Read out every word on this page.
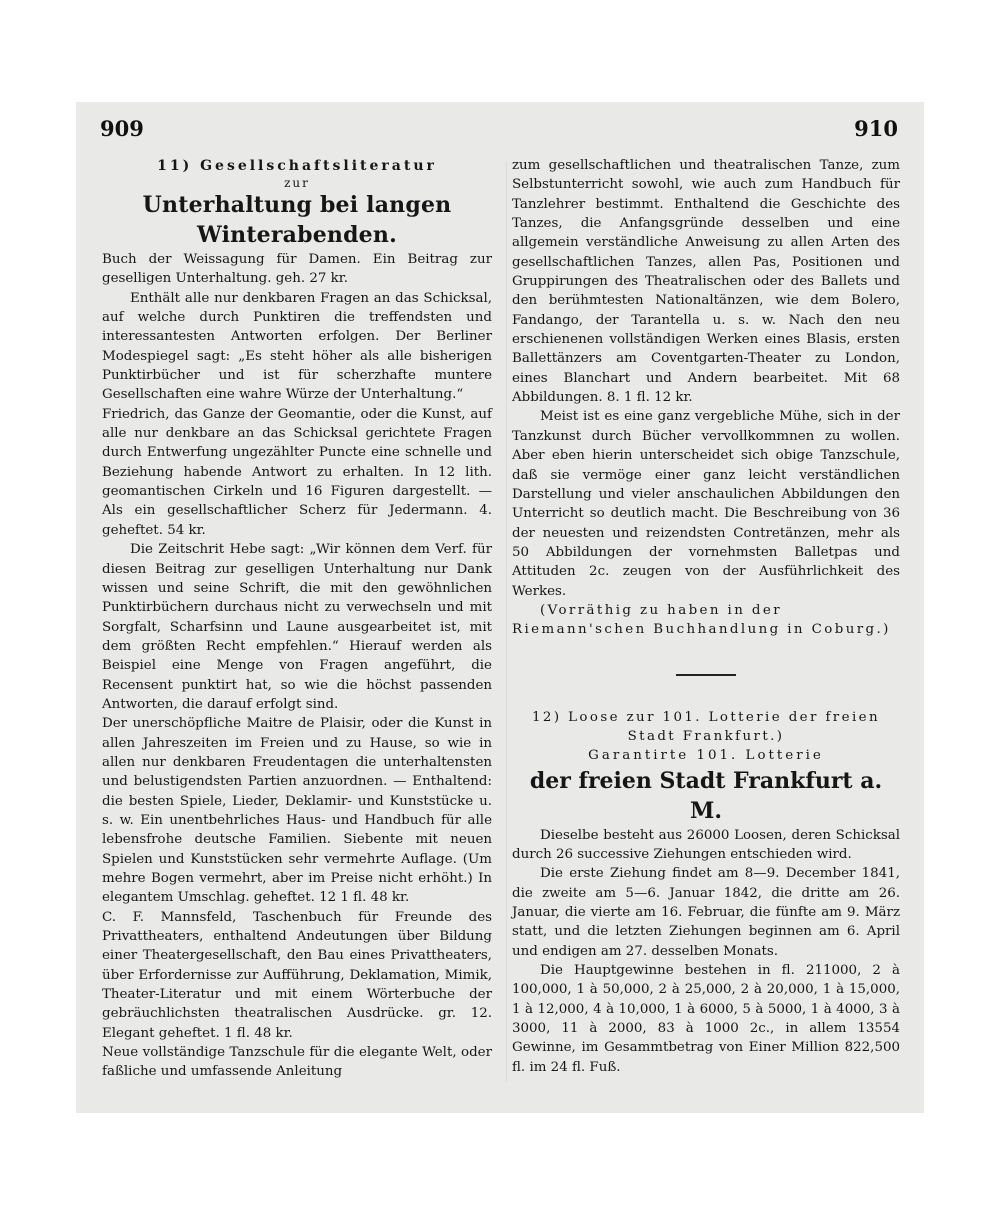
909	910

11) Gesellschaftsliteratur

zur

Unterhaltung bei langen Winterabenden.

Buch der Weissagung für Damen. Ein Beitrag zur geselligen Unterhaltung. geh. 27 kr.

Enthält alle nur denkbaren Fragen an das Schicksal, auf welche durch Punktiren die treffendsten und interessantesten Antworten erfolgen. Der Berliner Modespiegel sagt: „Es steht höher als alle bisherigen Punktirbücher und ist für scherzhafte muntere Gesellschaften eine wahre Würze der Unterhaltung.“

Friedrich, das Ganze der Geomantie, oder die Kunst, auf alle nur denkbare an das Schicksal gerichtete Fragen durch Entwerfung ungezählter Puncte eine schnelle und Beziehung habende Antwort zu erhalten. In 12 lith. geomantischen Cirkeln und 16 Figuren dargestellt. — Als ein gesellschaftlicher Scherz für Jedermann. 4. geheftet. 54 kr.

Die Zeitschrit Hebe sagt: „Wir können dem Verf. für diesen Beitrag zur geselligen Unterhaltung nur Dank wissen und seine Schrift, die mit den gewöhnlichen Punktirbüchern durchaus nicht zu verwechseln und mit Sorgfalt, Scharfsinn und Laune ausgearbeitet ist, mit dem größten Recht empfehlen.“ Hierauf werden als Beispiel eine Menge von Fragen angeführt, die Recensent punktirt hat, so wie die höchst passenden Antworten, die darauf erfolgt sind.

Der unerschöpfliche Maitre de Plaisir, oder die Kunst in allen Jahreszeiten im Freien und zu Hause, so wie in allen nur denkbaren Freudentagen die unterhaltensten und belustigendsten Partien anzuordnen. — Enthaltend: die besten Spiele, Lieder, Deklamir- und Kunststücke u. s. w. Ein unentbehrliches Haus- und Handbuch für alle lebensfrohe deutsche Familien. Siebente mit neuen Spielen und Kunststücken sehr vermehrte Auflage. (Um mehre Bogen vermehrt, aber im Preise nicht erhöht.) In elegantem Umschlag. geheftet. 12 1 fl. 48 kr.

C. F. Mannsfeld, Taschenbuch für Freunde des Privattheaters, enthaltend Andeutungen über Bildung einer Theatergesellschaft, den Bau eines Privattheaters, über Erfordernisse zur Aufführung, Deklamation, Mimik, Theater-Literatur und mit einem Wörterbuche der gebräuchlichsten theatralischen Ausdrücke. gr. 12. Elegant geheftet. 1 fl. 48 kr.

Neue vollständige Tanzschule für die elegante Welt, oder faßliche und umfassende Anleitung

zum gesellschaftlichen und theatralischen Tanze, zum Selbstunterricht sowohl, wie auch zum Handbuch für Tanzlehrer bestimmt. Enthaltend die Geschichte des Tanzes, die Anfangsgründe desselben und eine allgemein verständliche Anweisung zu allen Arten des gesellschaftlichen Tanzes, allen Pas, Positionen und Gruppirungen des Theatralischen oder des Ballets und den berühmtesten Nationaltänzen, wie dem Bolero, Fandango, der Tarantella u. s. w. Nach den neu erschienenen vollständigen Werken eines Blasis, ersten Ballettänzers am Coventgarten-Theater zu London, eines Blanchart und Andern bearbeitet. Mit 68 Abbildungen. 8. 1 fl. 12 kr.

Meist ist es eine ganz vergebliche Mühe, sich in der Tanzkunst durch Bücher vervollkommnen zu wollen. Aber eben hierin unterscheidet sich obige Tanzschule, daß sie vermöge einer ganz leicht verständlichen Darstellung und vieler anschaulichen Abbildungen den Unterricht so deutlich macht. Die Beschreibung von 36 der neuesten und reizendsten Contretänzen, mehr als 50 Abbildungen der vornehmsten Balletpas und Attituden 2c. zeugen von der Ausführlichkeit des Werkes.

(Vorräthig zu haben in der Riemann'schen Buchhandlung in Coburg.)

12) Loose zur 101. Lotterie der freien Stadt Frankfurt.)

Garantirte 101. Lotterie

der freien Stadt Frankfurt a. M.

Dieselbe besteht aus 26000 Loosen, deren Schicksal durch 26 successive Ziehungen entschieden wird.

Die erste Ziehung findet am 8—9. December 1841, die zweite am 5—6. Januar 1842, die dritte am 26. Januar, die vierte am 16. Februar, die fünfte am 9. März statt, und die letzten Ziehungen beginnen am 6. April und endigen am 27. desselben Monats.

Die Hauptgewinne bestehen in fl. 211000, 2 à 100,000, 1 à 50,000, 2 à 25,000, 2 à 20,000, 1 à 15,000, 1 à 12,000, 4 à 10,000, 1 à 6000, 5 à 5000, 1 à 4000, 3 à 3000, 11 à 2000, 83 à 1000 2c., in allem 13554 Gewinne, im Gesammtbetrag von Einer Million 822,500 fl. im 24 fl. Fuß.
